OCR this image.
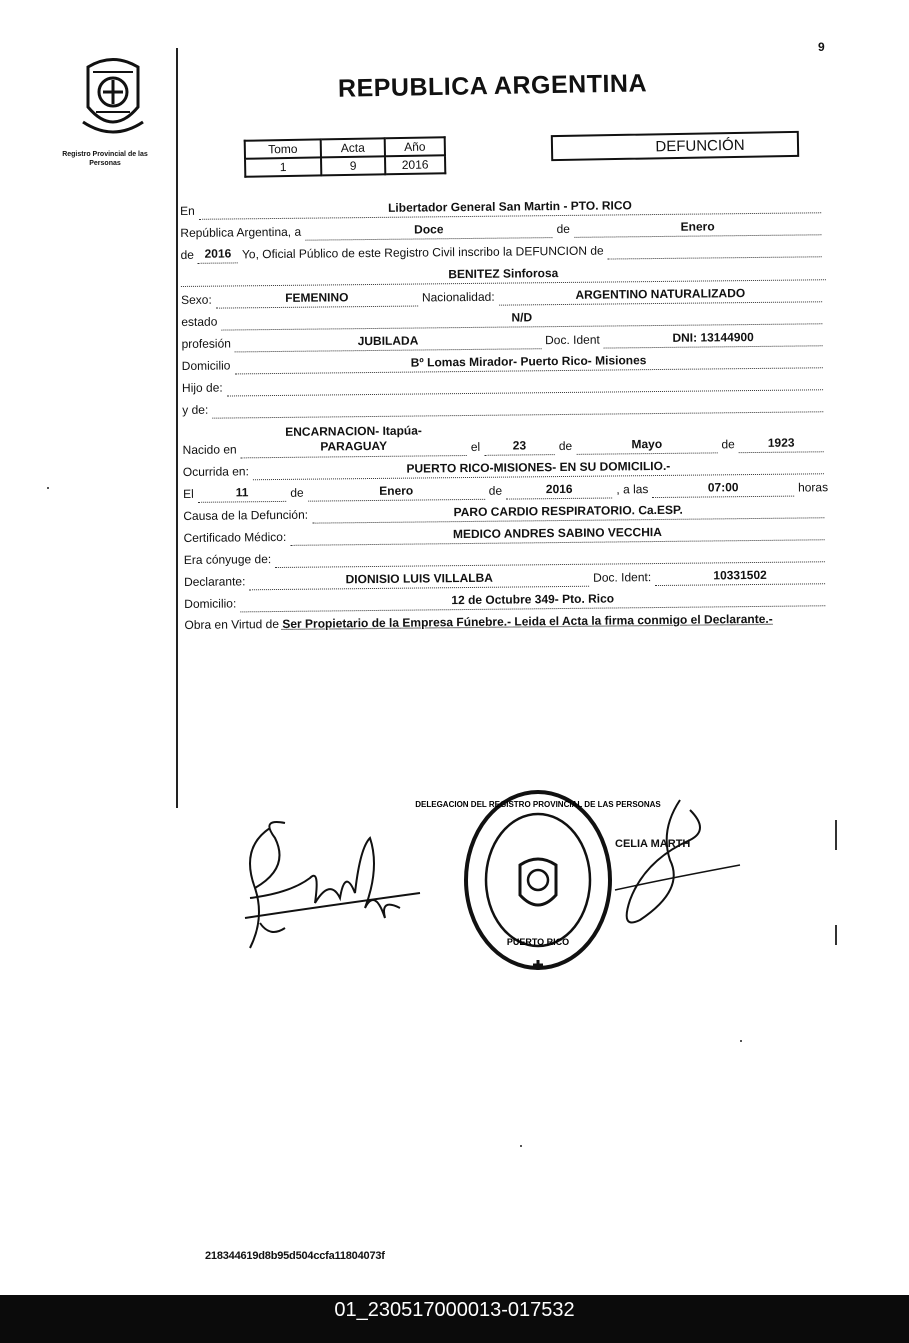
9
Registro Provincial de las Personas
REPUBLICA ARGENTINA
Tomo	Acta	Año
1	9	2016
DEFUNCIÓN
En	Libertador General San Martin - PTO. RICO
República Argentina, a	Doce	de	Enero
de 2016 Yo, Oficial Público de este Registro Civil inscribo la DEFUNCION de
BENITEZ Sinforosa
Sexo:	FEMENINO	Nacionalidad:	ARGENTINO NATURALIZADO
estado	N/D
profesión	JUBILADA	Doc. Ident	DNI: 13144900
Domicilio	Bº Lomas Mirador- Puerto Rico- Misiones
Hijo de:
y de:
Nacido en
ENCARNACION- Itapúa-
PARAGUAY	el	23	de	Mayo	de	1923
Ocurrida en:	PUERTO RICO-MISIONES- EN SU DOMICILIO.-
El	11	de	Enero	de	2016	, a las	07:00	horas
Causa de la Defunción:	PARO CARDIO RESPIRATORIO. Ca.ESP.
Certificado Médico:	MEDICO ANDRES SABINO VECCHIA
Era cónyuge de:
Declarante:	DIONISIO LUIS VILLALBA	Doc. Ident:	10331502
Domicilio:	12 de Octubre 349- Pto. Rico
Obra en Virtud de Ser Propietario de la Empresa Fúnebre.- Leida el Acta la firma conmigo el Declarante.-
DELEGACION DEL REGISTRO PROVINCIAL DE LAS PERSONAS
PUERTO RICO
CELIA MARTH
218344619d8b95d504ccfa11804073f
01_230517000013-017532
